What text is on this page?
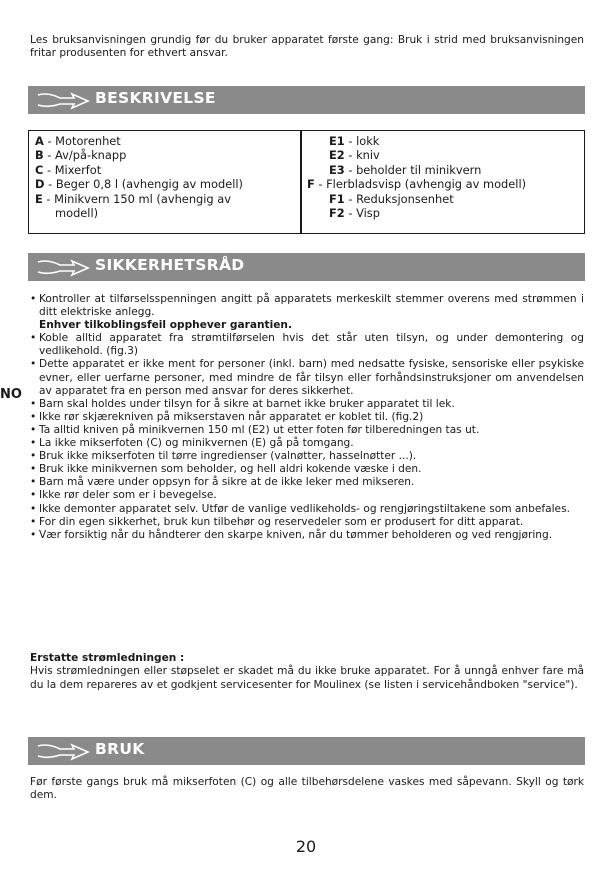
Les bruksanvisningen grundig før du bruker apparatet første gang: Bruk i strid med bruksanvisningen fritar produsenten for ethvert ansvar.

BESKRIVELSE
A - Motorenhet
B - Av/på-knapp
C - Mixerfot
D - Beger 0,8 l (avhengig av modell)
E - Minikvern 150 ml (avhengig av
modell)
E1 - lokk
E2 - kniv
E3 - beholder til minikvern
F - Flerbladsvisp (avhengig av modell)
F1 - Reduksjonsenhet
F2 - Visp
SIKKERHETSRÅD
NO
• Kontroller at tilførselsspenningen angitt på apparatets merkeskilt stemmer overens med strømmen i ditt elektriske anlegg.
Enhver tilkoblingsfeil opphever garantien.
• Koble alltid apparatet fra strømtilførselen hvis det står uten tilsyn, og under demontering og vedlikehold. (fig.3)
• Dette apparatet er ikke ment for personer (inkl. barn) med nedsatte fysiske, sensoriske eller psykiske evner, eller uerfarne personer, med mindre de får tilsyn eller forhåndsinstruksjoner om anvendelsen av apparatet fra en person med ansvar for deres sikkerhet.
• Barn skal holdes under tilsyn for å sikre at barnet ikke bruker apparatet til lek.
• Ikke rør skjærekniven på mikserstaven når apparatet er koblet til. (fig.2)
• Ta alltid kniven på minikvernen 150 ml (E2) ut etter foten før tilberedningen tas ut.
• La ikke mikserfoten (C) og minikvernen (E) gå på tomgang.
• Bruk ikke mikserfoten til tørre ingredienser (valnøtter, hasselnøtter ...).
• Bruk ikke minikvernen som beholder, og hell aldri kokende væske i den.
• Barn må være under oppsyn for å sikre at de ikke leker med mikseren.
• Ikke rør deler som er i bevegelse.
• Ikke demonter apparatet selv. Utfør de vanlige vedlikeholds- og rengjøringstiltakene som anbefales.
• For din egen sikkerhet, bruk kun tilbehør og reservedeler som er produsert for ditt apparat.
• Vær forsiktig når du håndterer den skarpe kniven, når du tømmer beholderen og ved rengjøring.
Erstatte strømledningen :
Hvis strømledningen eller støpselet er skadet må du ikke bruke apparatet. For å unngå enhver fare må du la dem repareres av et godkjent servicesenter for Moulinex (se listen i servicehåndboken "service").
BRUK

Før første gangs bruk må mikserfoten (C) og alle tilbehørsdelene vaskes med såpevann. Skyll og tørk dem.

20
